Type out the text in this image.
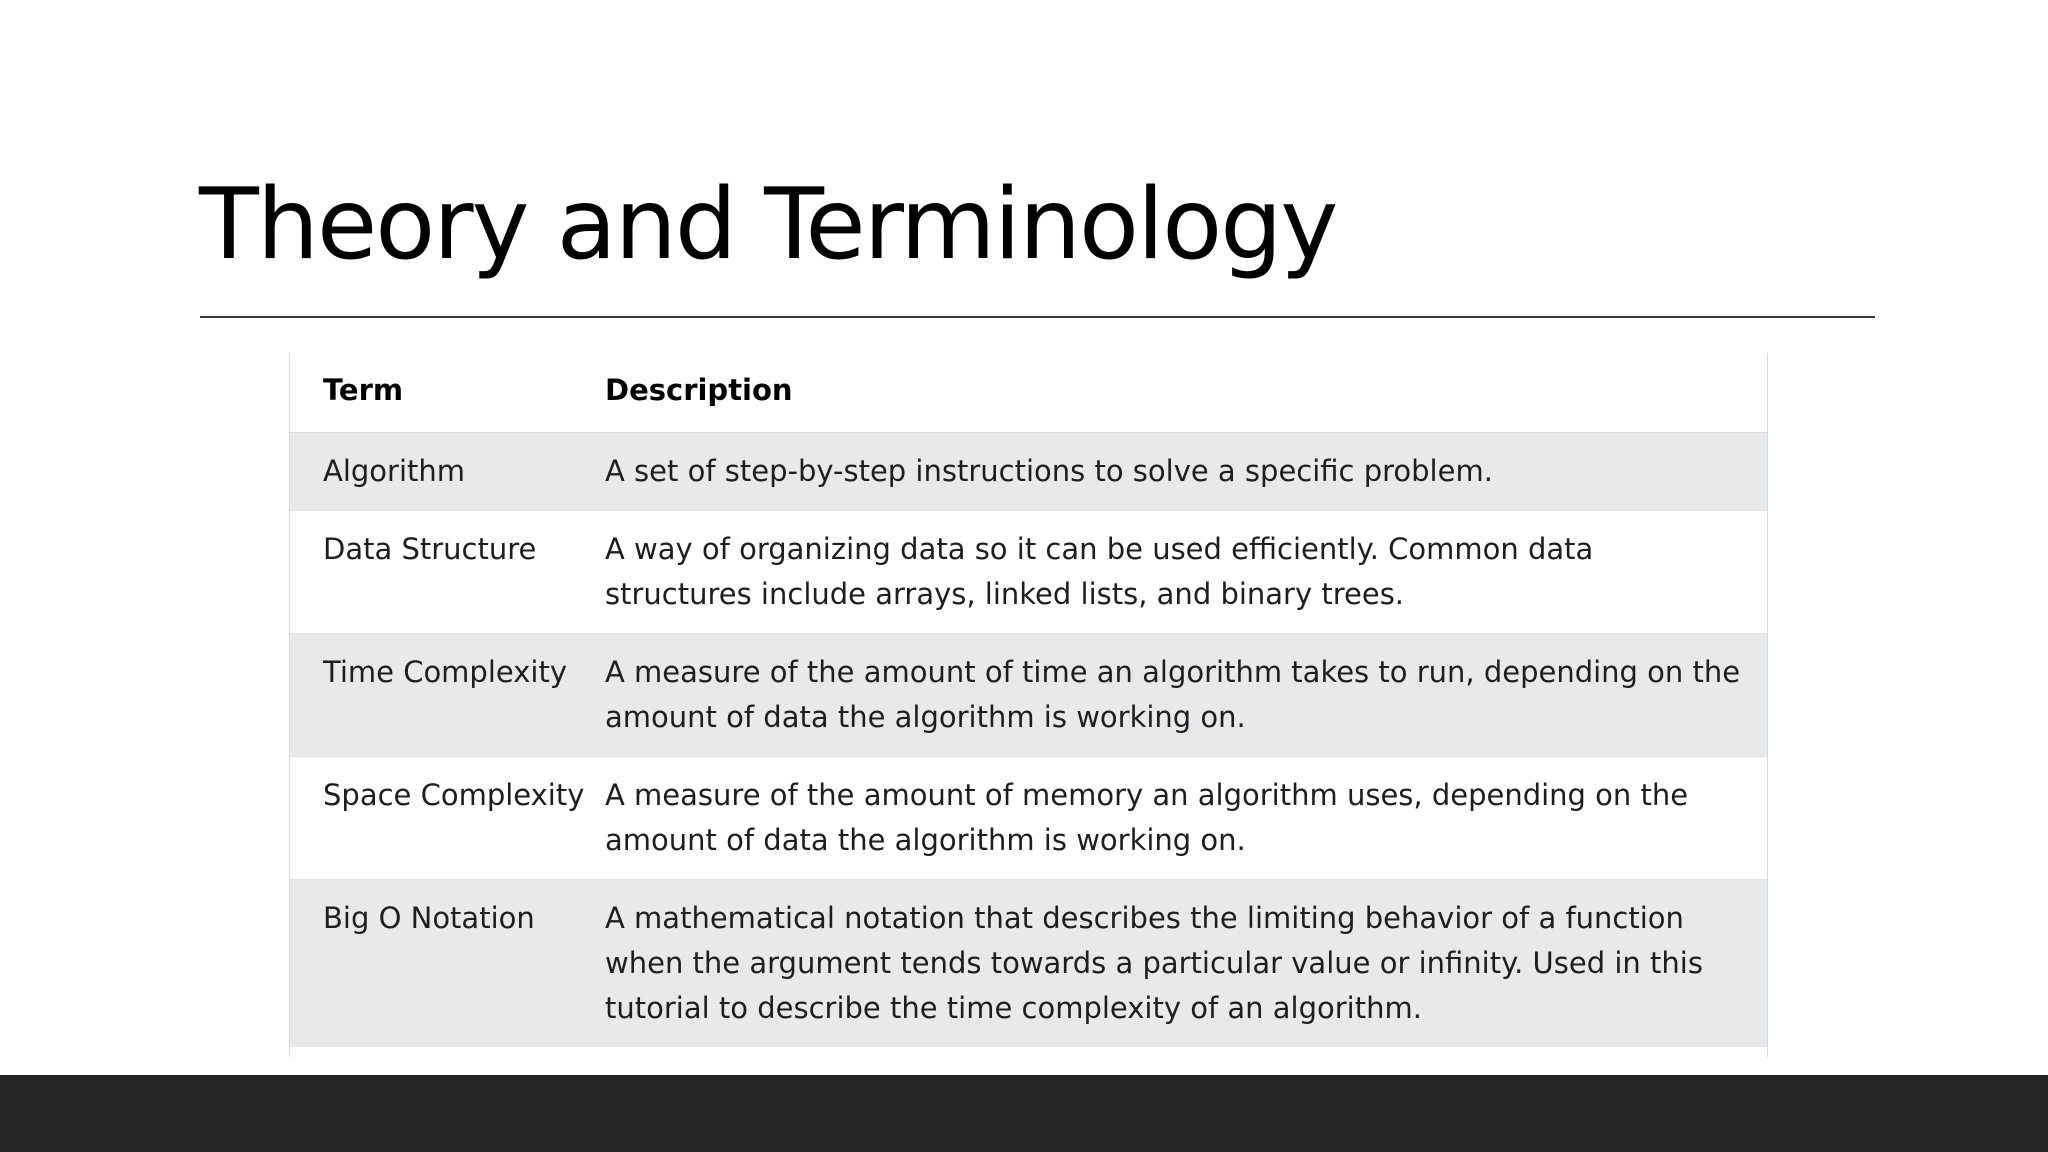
Theory and Terminology
Term	Description
Algorithm	A set of step-by-step instructions to solve a specific problem.
Data Structure	A way of organizing data so it can be used efficiently. Common data structures include arrays, linked lists, and binary trees.
Time Complexity	A measure of the amount of time an algorithm takes to run, depending on the amount of data the algorithm is working on.
Space Complexity	A measure of the amount of memory an algorithm uses, depending on the amount of data the algorithm is working on.
Big O Notation	A mathematical notation that describes the limiting behavior of a function when the argument tends towards a particular value or infinity. Used in this tutorial to describe the time complexity of an algorithm.
